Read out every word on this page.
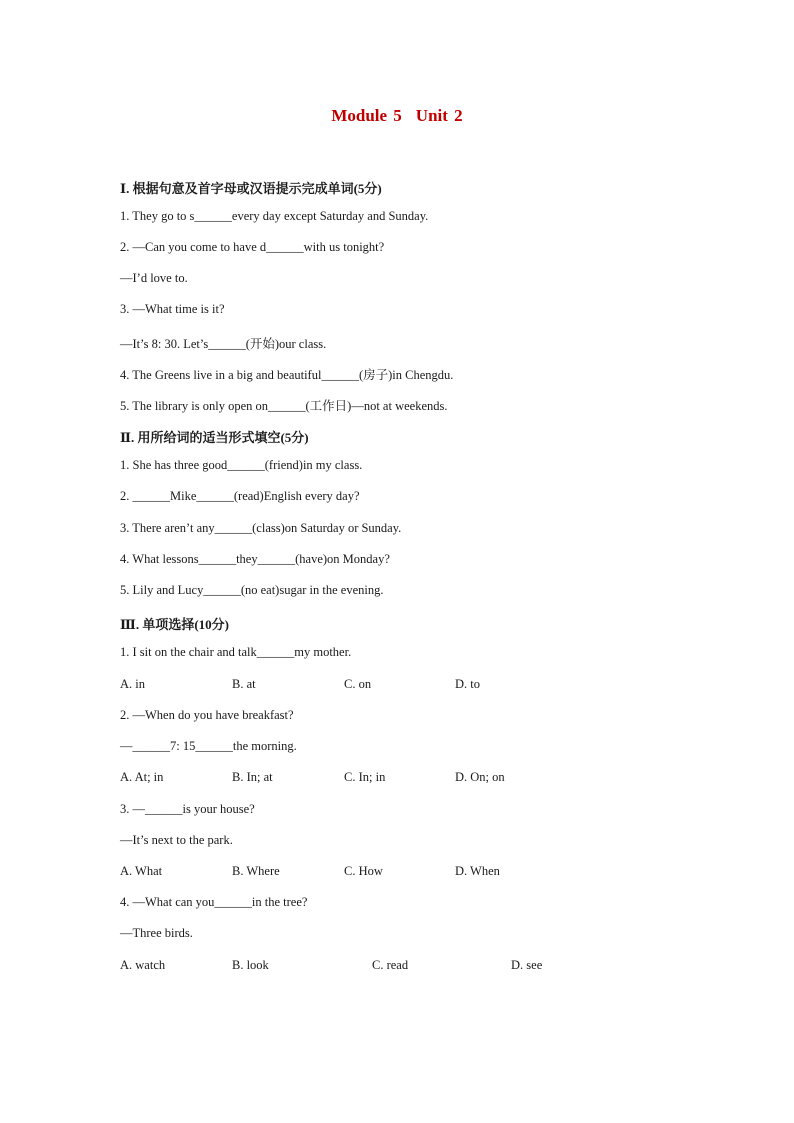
Module 5 Unit 2
Ⅰ. 根据句意及首字母或汉语提示完成单词(5分)
1. They go to s______every day except Saturday and Sunday.
2. —Can you come to have d______with us tonight?
—I’d love to.
3. —What time is it?
—It’s 8: 30. Let’s______(开始)our class.
4. The Greens live in a big and beautiful______(房子)in Chengdu.
5. The library is only open on______(工作日)—not at weekends.
Ⅱ. 用所给词的适当形式填空(5分)
1. She has three good______(friend)in my class.
2. ______Mike______(read)English every day?
3. There aren’t any______(class)on Saturday or Sunday.
4. What lessons______they______(have)on Monday?
5. Lily and Lucy______(no eat)sugar in the evening.
Ⅲ. 单项选择(10分)
1. I sit on the chair and talk______my mother.
A. in	B. at	C. on	D. to
2. —When do you have breakfast?
—______7: 15______the morning.
A. At; in	B. In; at	C. In; in	D. On; on
3. —______is your house?
—It’s next to the park.
A. What	B. Where	C. How	D. When
4. —What can you______in the tree?
—Three birds.
A. watch	B. look	C. read	D. see
